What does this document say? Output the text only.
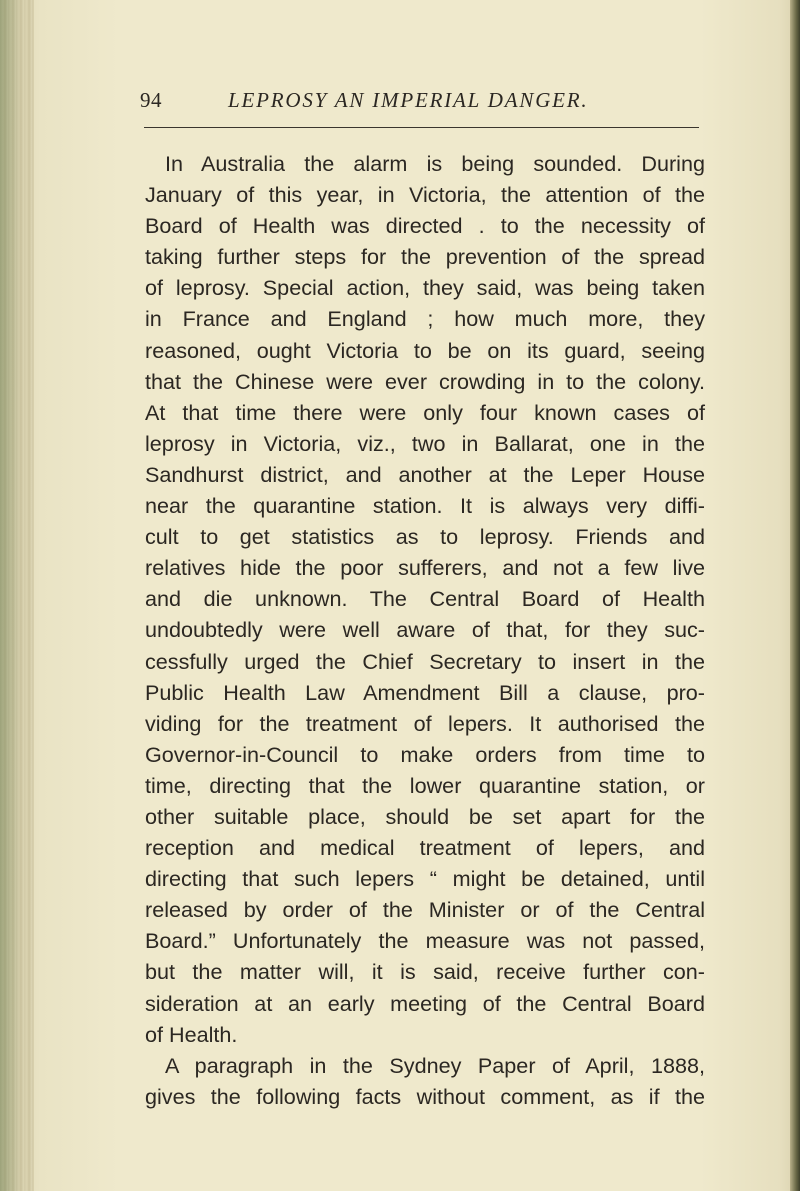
94	LEPROSY AN IMPERIAL DANGER.
In Australia the alarm is being sounded. During
January of this year, in Victoria, the attention of the
Board of Health was directed . to the necessity of
taking further steps for the prevention of the spread
of leprosy. Special action, they said, was being taken
in France and England ; how much more, they
reasoned, ought Victoria to be on its guard, seeing
that the Chinese were ever crowding in to the colony.
At that time there were only four known cases of
leprosy in Victoria, viz., two in Ballarat, one in the
Sandhurst district, and another at the Leper House
near the quarantine station. It is always very diffi-
cult to get statistics as to leprosy. Friends and
relatives hide the poor sufferers, and not a few live
and die unknown. The Central Board of Health
undoubtedly were well aware of that, for they suc-
cessfully urged the Chief Secretary to insert in the
Public Health Law Amendment Bill a clause, pro-
viding for the treatment of lepers. It authorised the
Governor-in-Council to make orders from time to
time, directing that the lower quarantine station, or
other suitable place, should be set apart for the
reception and medical treatment of lepers, and
directing that such lepers “ might be detained, until
released by order of the Minister or of the Central
Board.” Unfortunately the measure was not passed,
but the matter will, it is said, receive further con-
sideration at an early meeting of the Central Board
of Health.
A paragraph in the Sydney Paper of April, 1888,
gives the following facts without comment, as if the
